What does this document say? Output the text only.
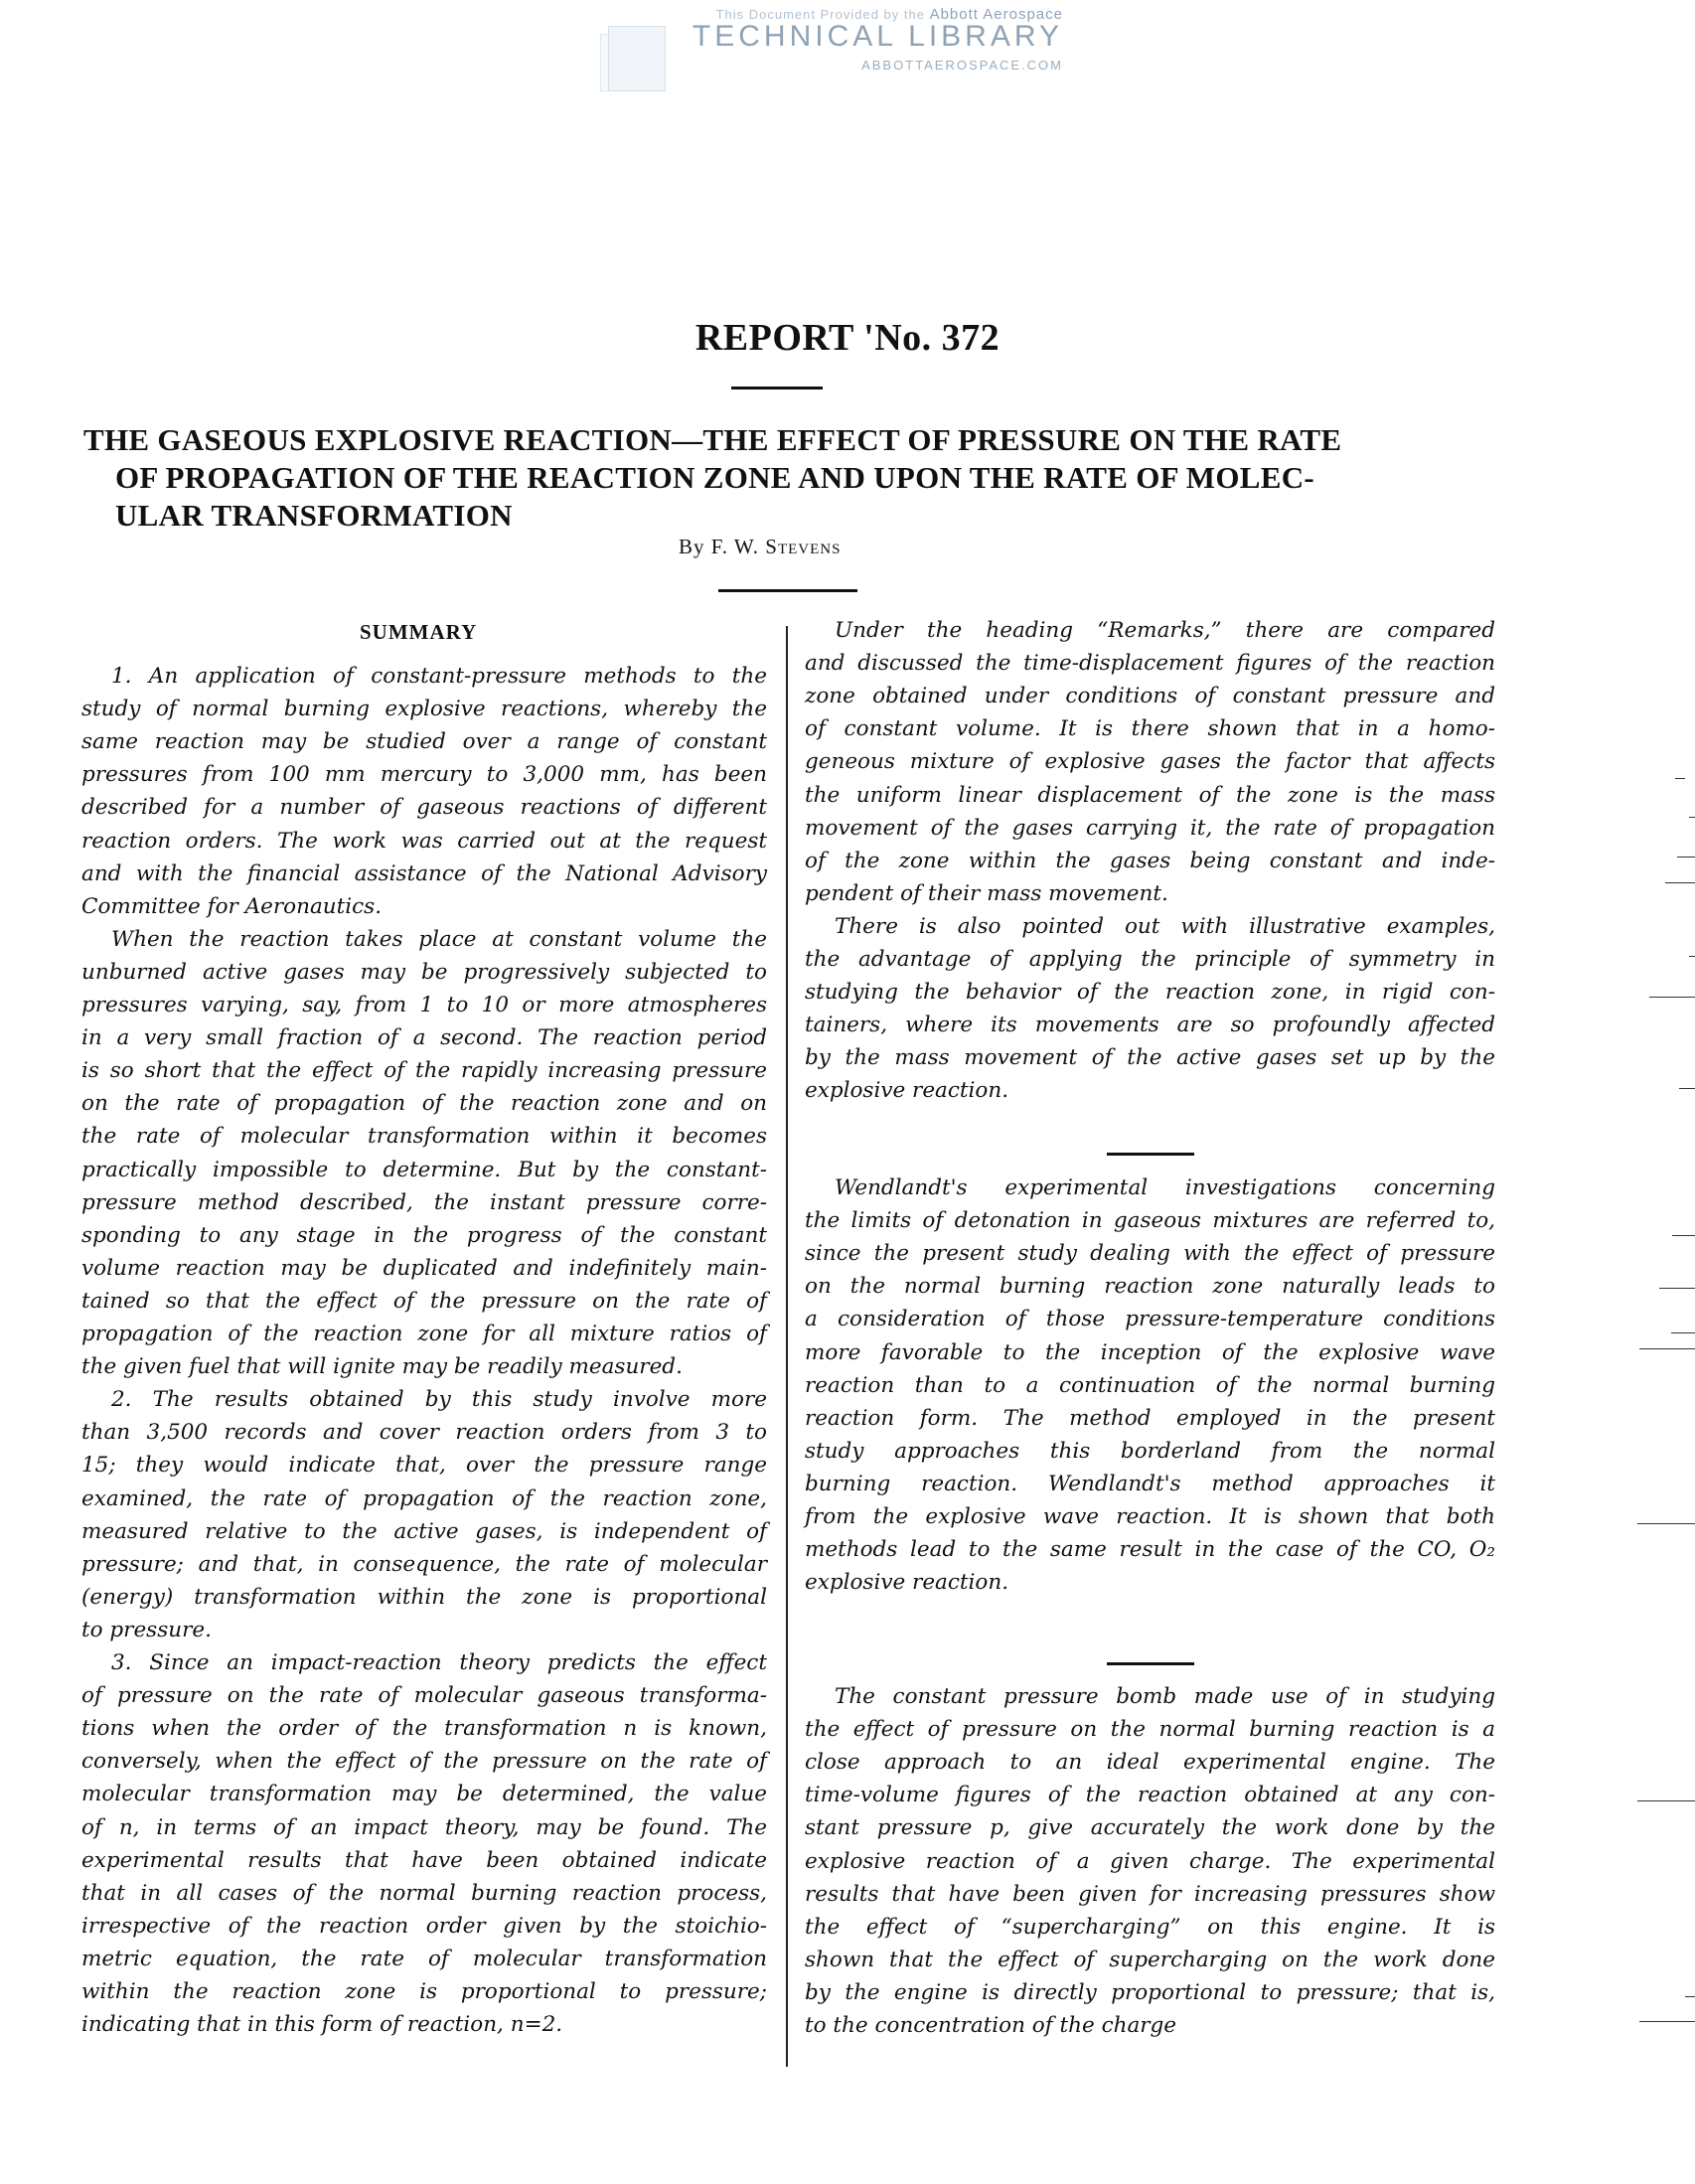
This Document Provided by the Abbott Aerospace
TECHNICAL LIBRARY
ABBOTTAEROSPACE.COM
REPORT 'No. 372
THE GASEOUS EXPLOSIVE REACTION—THE EFFECT OF PRESSURE ON THE RATE
OF PROPAGATION OF THE REACTION ZONE AND UPON THE RATE OF MOLEC-
ULAR TRANSFORMATION
By F. W. Stevens
SUMMARY
1. An application of constant-pressure methods to the
study of normal burning explosive reactions, whereby the
same reaction may be studied over a range of constant
pressures from 100 mm mercury to 3,000 mm, has been
described for a number of gaseous reactions of different
reaction orders. The work was carried out at the request
and with the financial assistance of the National Advisory
Committee for Aeronautics.
When the reaction takes place at constant volume the
unburned active gases may be progressively subjected to
pressures varying, say, from 1 to 10 or more atmospheres
in a very small fraction of a second. The reaction period
is so short that the effect of the rapidly increasing pressure
on the rate of propagation of the reaction zone and on
the rate of molecular transformation within it becomes
practically impossible to determine. But by the constant-
pressure method described, the instant pressure corre-
sponding to any stage in the progress of the constant
volume reaction may be duplicated and indefinitely main-
tained so that the effect of the pressure on the rate of
propagation of the reaction zone for all mixture ratios of
the given fuel that will ignite may be readily measured.
2. The results obtained by this study involve more
than 3,500 records and cover reaction orders from 3 to
15; they would indicate that, over the pressure range
examined, the rate of propagation of the reaction zone,
measured relative to the active gases, is independent of
pressure; and that, in consequence, the rate of molecular
(energy) transformation within the zone is proportional
to pressure.
3. Since an impact-reaction theory predicts the effect
of pressure on the rate of molecular gaseous transforma-
tions when the order of the transformation n is known,
conversely, when the effect of the pressure on the rate of
molecular transformation may be determined, the value
of n, in terms of an impact theory, may be found. The
experimental results that have been obtained indicate
that in all cases of the normal burning reaction process,
irrespective of the reaction order given by the stoichio-
metric equation, the rate of molecular transformation
within the reaction zone is proportional to pressure;
indicating that in this form of reaction, n=2.
Under the heading “Remarks,” there are compared
and discussed the time-displacement figures of the reaction
zone obtained under conditions of constant pressure and
of constant volume. It is there shown that in a homo-
geneous mixture of explosive gases the factor that affects
the uniform linear displacement of the zone is the mass
movement of the gases carrying it, the rate of propagation
of the zone within the gases being constant and inde-
pendent of their mass movement.
There is also pointed out with illustrative examples,
the advantage of applying the principle of symmetry in
studying the behavior of the reaction zone, in rigid con-
tainers, where its movements are so profoundly affected
by the mass movement of the active gases set up by the
explosive reaction.
Wendlandt's experimental investigations concerning
the limits of detonation in gaseous mixtures are referred to,
since the present study dealing with the effect of pressure
on the normal burning reaction zone naturally leads to
a consideration of those pressure-temperature conditions
more favorable to the inception of the explosive wave
reaction than to a continuation of the normal burning
reaction form. The method employed in the present
study approaches this borderland from the normal
burning reaction. Wendlandt's method approaches it
from the explosive wave reaction. It is shown that both
methods lead to the same result in the case of the CO, O₂
explosive reaction.
The constant pressure bomb made use of in studying
the effect of pressure on the normal burning reaction is a
close approach to an ideal experimental engine. The
time-volume figures of the reaction obtained at any con-
stant pressure p, give accurately the work done by the
explosive reaction of a given charge. The experimental
results that have been given for increasing pressures show
the effect of “supercharging” on this engine. It is
shown that the effect of supercharging on the work done
by the engine is directly proportional to pressure; that is,
to the concentration of the charge
